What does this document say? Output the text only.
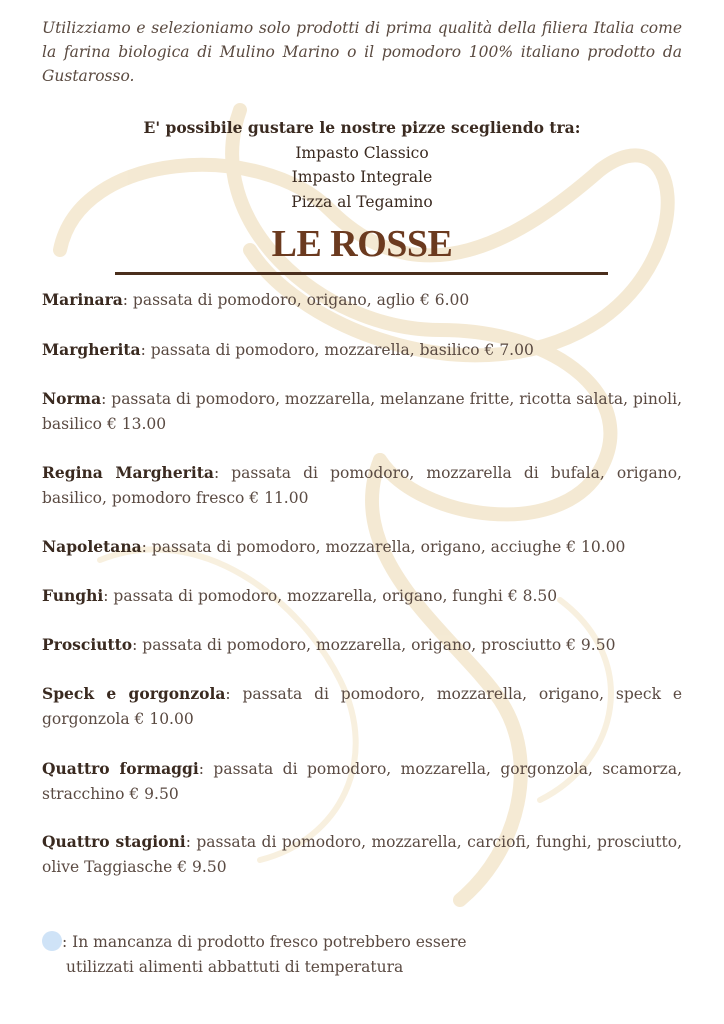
Utilizziamo e selezioniamo solo prodotti di prima qualità della filiera Italia come la farina biologica di Mulino Marino o il pomodoro 100% italiano prodotto da Gustarosso.

E' possibile gustare le nostre pizze scegliendo tra:
Impasto Classico
Impasto Integrale
Pizza al Tegamino
LE ROSSE

Marinara: passata di pomodoro, origano, aglio € 6.00

Margherita: passata di pomodoro, mozzarella, basilico € 7.00

Norma: passata di pomodoro, mozzarella, melanzane fritte, ricotta salata, pinoli, basilico € 13.00

Regina Margherita: passata di pomodoro, mozzarella di bufala, origano, basilico, pomodoro fresco € 11.00

Napoletana: passata di pomodoro, mozzarella, origano, acciughe € 10.00

Funghi: passata di pomodoro, mozzarella, origano, funghi € 8.50

Prosciutto: passata di pomodoro, mozzarella, origano, prosciutto € 9.50

Speck e gorgonzola: passata di pomodoro, mozzarella, origano, speck e gorgonzola € 10.00

Quattro formaggi: passata di pomodoro, mozzarella, gorgonzola, scamorza, stracchino € 9.50

Quattro stagioni: passata di pomodoro, mozzarella, carciofi, funghi, prosciutto, olive Taggiasche € 9.50

: In mancanza di prodotto fresco potrebbero essere
utilizzati alimenti abbattuti di temperatura
